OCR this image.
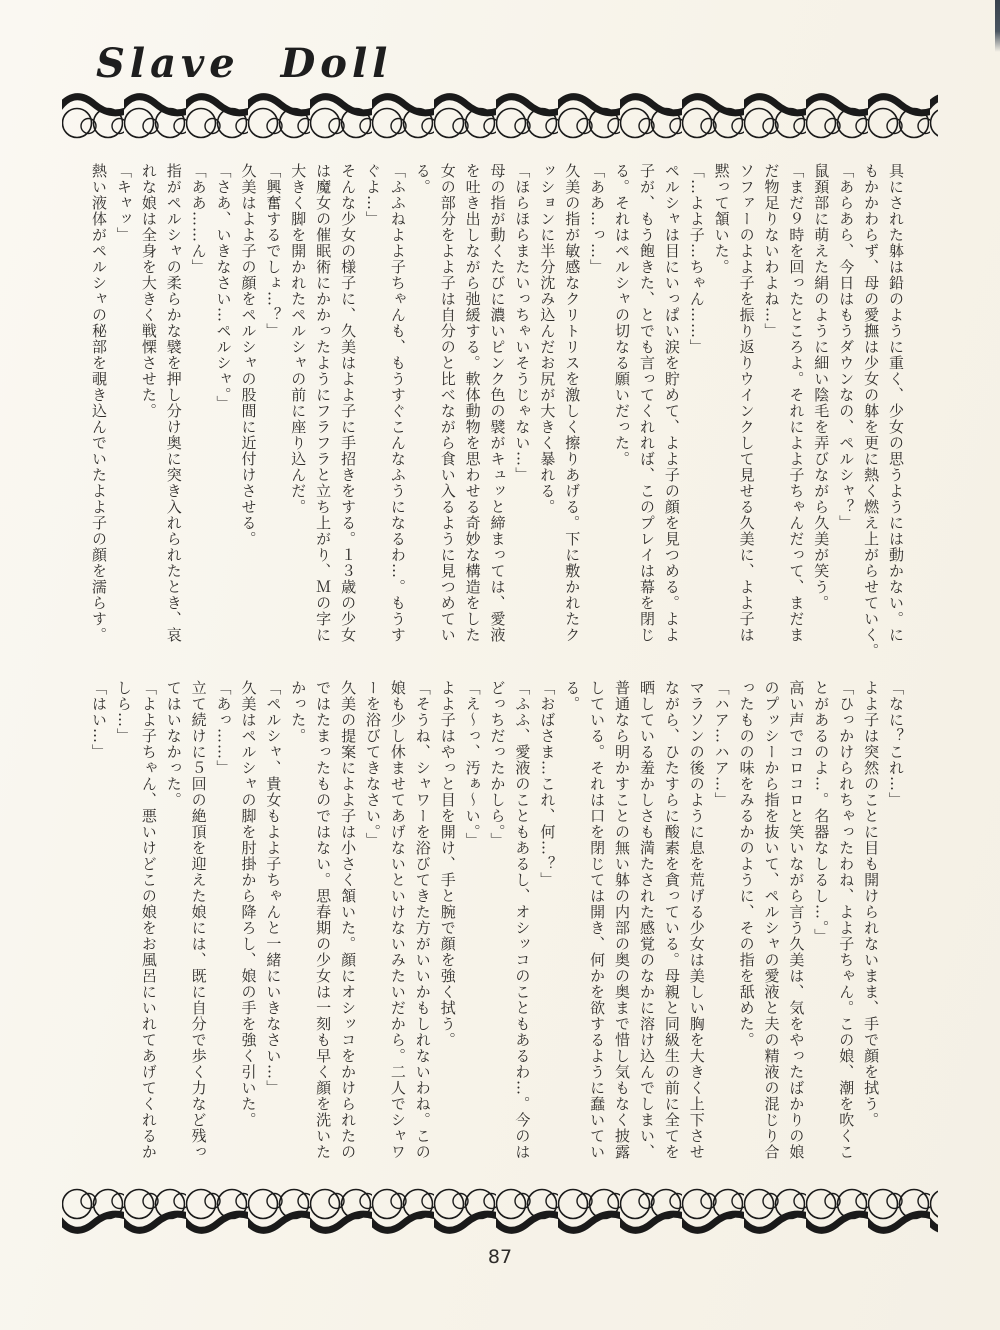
Slave Doll

具にされた躰は鉛のように重く、少女の思うようには動かない。に

もかかわらず、母の愛撫は少女の躰を更に熱く燃え上がらせていく。

「あらあら、今日はもうダウンなの、ペルシャ？」

鼠頚部に萌えた絹のように細い陰毛を弄びながら久美が笑う。

「まだ９時を回ったところよ。それによよ子ちゃんだって、まだま

だ物足りないわよね…」

ソファーのよよ子を振り返りウインクして見せる久美に、よよ子は

黙って頷いた。

「…よよ子…ちゃん……」

ペルシャは目にいっぱい涙を貯めて、よよ子の顔を見つめる。よよ

子が、もう飽きた、とでも言ってくれれば、このプレイは幕を閉じ

る。それはペルシャの切なる願いだった。

「ああ…っ…」

久美の指が敏感なクリトリスを激しく擦りあげる。下に敷かれたク

ッションに半分沈み込んだお尻が大きく暴れる。

「ほらほらまたいっちゃいそうじゃない…」

母の指が動くたびに濃いピンク色の襞がキュッと締まっては、愛液

を吐き出しながら弛緩する。軟体動物を思わせる奇妙な構造をした

女の部分をよよ子は自分のと比べながら食い入るように見つめてい

る。

「ふふねよよ子ちゃんも、もうすぐこんなふうになるわ…。もうす

ぐよ…」

そんな少女の様子に、久美はよよ子に手招きをする。１３歳の少女

は魔女の催眠術にかかったようにフラフラと立ち上がり、Ｍの字に

大きく脚を開かれたペルシャの前に座り込んだ。

「興奮するでしょ…？」

久美はよよ子の顔をペルシャの股間に近付けさせる。

「さあ、いきなさい…ペルシャ。」

「ああ……ん」

指がペルシャの柔らかな襞を押し分け奥に突き入れられたとき、哀

れな娘は全身を大きく戦慄させた。

「キャッ」

熱い液体がペルシャの秘部を覗き込んでいたよよ子の顔を濡らす。

「なに？これ…」

よよ子は突然のことに目も開けられないまま、手で顔を拭う。

「ひっかけられちゃったわね、よよ子ちゃん。この娘、潮を吹くこ

とがあるのよ…。名器なしるし…。」

高い声でコロコロと笑いながら言う久美は、気をやったばかりの娘

のプッシーから指を抜いて、ペルシャの愛液と夫の精液の混じり合

ったものの味をみるかのように、その指を舐めた。

「ハア…ハア…」

マラソンの後のように息を荒げる少女は美しい胸を大きく上下させ

ながら、ひたすらに酸素を貪っている。母親と同級生の前に全てを

晒している羞かしさも満たされた感覚のなかに溶け込んでしまい、

普通なら明かすことの無い躰の内部の奥の奥まで惜し気もなく披露

している。それは口を閉じては開き、何かを欲するように蠢いてい

る。

「おばさま…これ、何…？」

「ふふ、愛液のこともあるし、オシッコのこともあるわ…。今のは

どっちだったかしら。」

「え～っ、汚ぁ～い。」

よよ子はやっと目を開け、手と腕で顔を強く拭う。

「そうね、シャワーを浴びてきた方がいいかもしれないわね。この

娘も少し休ませてあげないといけないみたいだから。二人でシャワ

ーを浴びてきなさい。」

久美の提案によよ子は小さく頷いた。顔にオシッコをかけられたの

ではたまったものではない。思春期の少女は一刻も早く顔を洗いた

かった。

「ペルシャ、貴女もよよ子ちゃんと一緒にいきなさい…」

久美はペルシャの脚を肘掛から降ろし、娘の手を強く引いた。

「あっ……」

立て続けに５回の絶頂を迎えた娘には、既に自分で歩く力など残っ

てはいなかった。

「よよ子ちゃん、悪いけどこの娘をお風呂にいれてあげてくれるか

しら…」

「はい…」

87
